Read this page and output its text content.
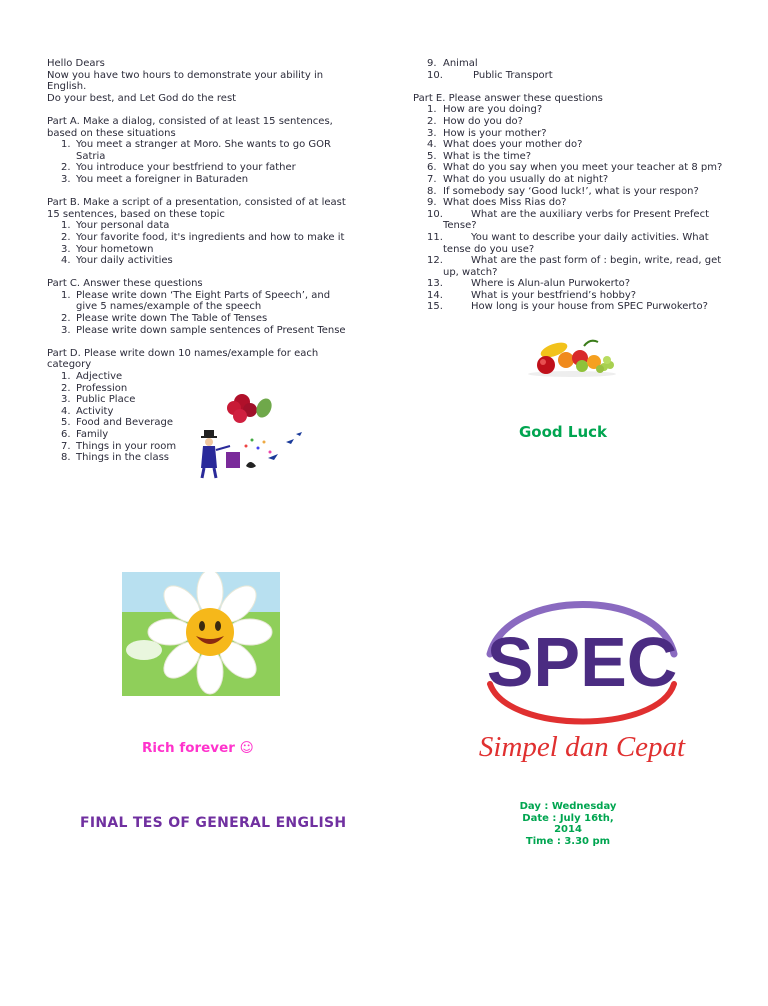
Hello Dears

Now you have two hours to demonstrate your ability in English.

Do your best, and Let God do the rest

Part A. Make a dialog, consisted of at least 15 sentences, based on these situations

1. You meet a stranger at Moro. She wants to go GOR Satria
2. You introduce your bestfriend to your father
3. You meet a foreigner in Baturaden

Part B. Make a script of a presentation, consisted of at least 15 sentences, based on these topic

1. Your personal data
2. Your favorite food, it's ingredients and how to make it
3. Your hometown
4. Your daily activities

Part C. Answer these questions

1. Please write down ‘The Eight Parts of Speech’, and give 5 names/example of the speech
2. Please write down The Table of Tenses
3. Please write down sample sentences of Present Tense

Part D. Please write down 10 names/example for each category

1. Adjective
2. Profession
3. Public Place
4. Activity
5. Food and Beverage
6. Family
7. Things in your room
8. Things in the class
9. Animal
10.	Public Transport

Part E. Please answer these questions

1. How are you doing?
2. How do you do?
3. How is your mother?
4. What does your mother do?
5. What is the time?
6. What do you say when you meet your teacher at 8 pm?
7. What do you usually do at night?
8. If somebody say ‘Good luck!’, what is your respon?
9. What does Miss Rias do?
10.	What are the auxiliary verbs for Present Prefect Tense?
11.	You want to describe your daily activities. What tense do you use?
12.	What are the past form of : begin, write, read, get up, watch?
13.	Where is Alun-alun Purwokerto?
14.	What is your bestfriend’s hobby?
15.	How long is your house from SPEC Purwokerto?
Good Luck
Rich forever ☺
SPEC
Simpel dan Cepat
Day : Wednesday
Date : July 16th, 2014
Time : 3.30 pm
FINAL TES OF GENERAL ENGLISH
